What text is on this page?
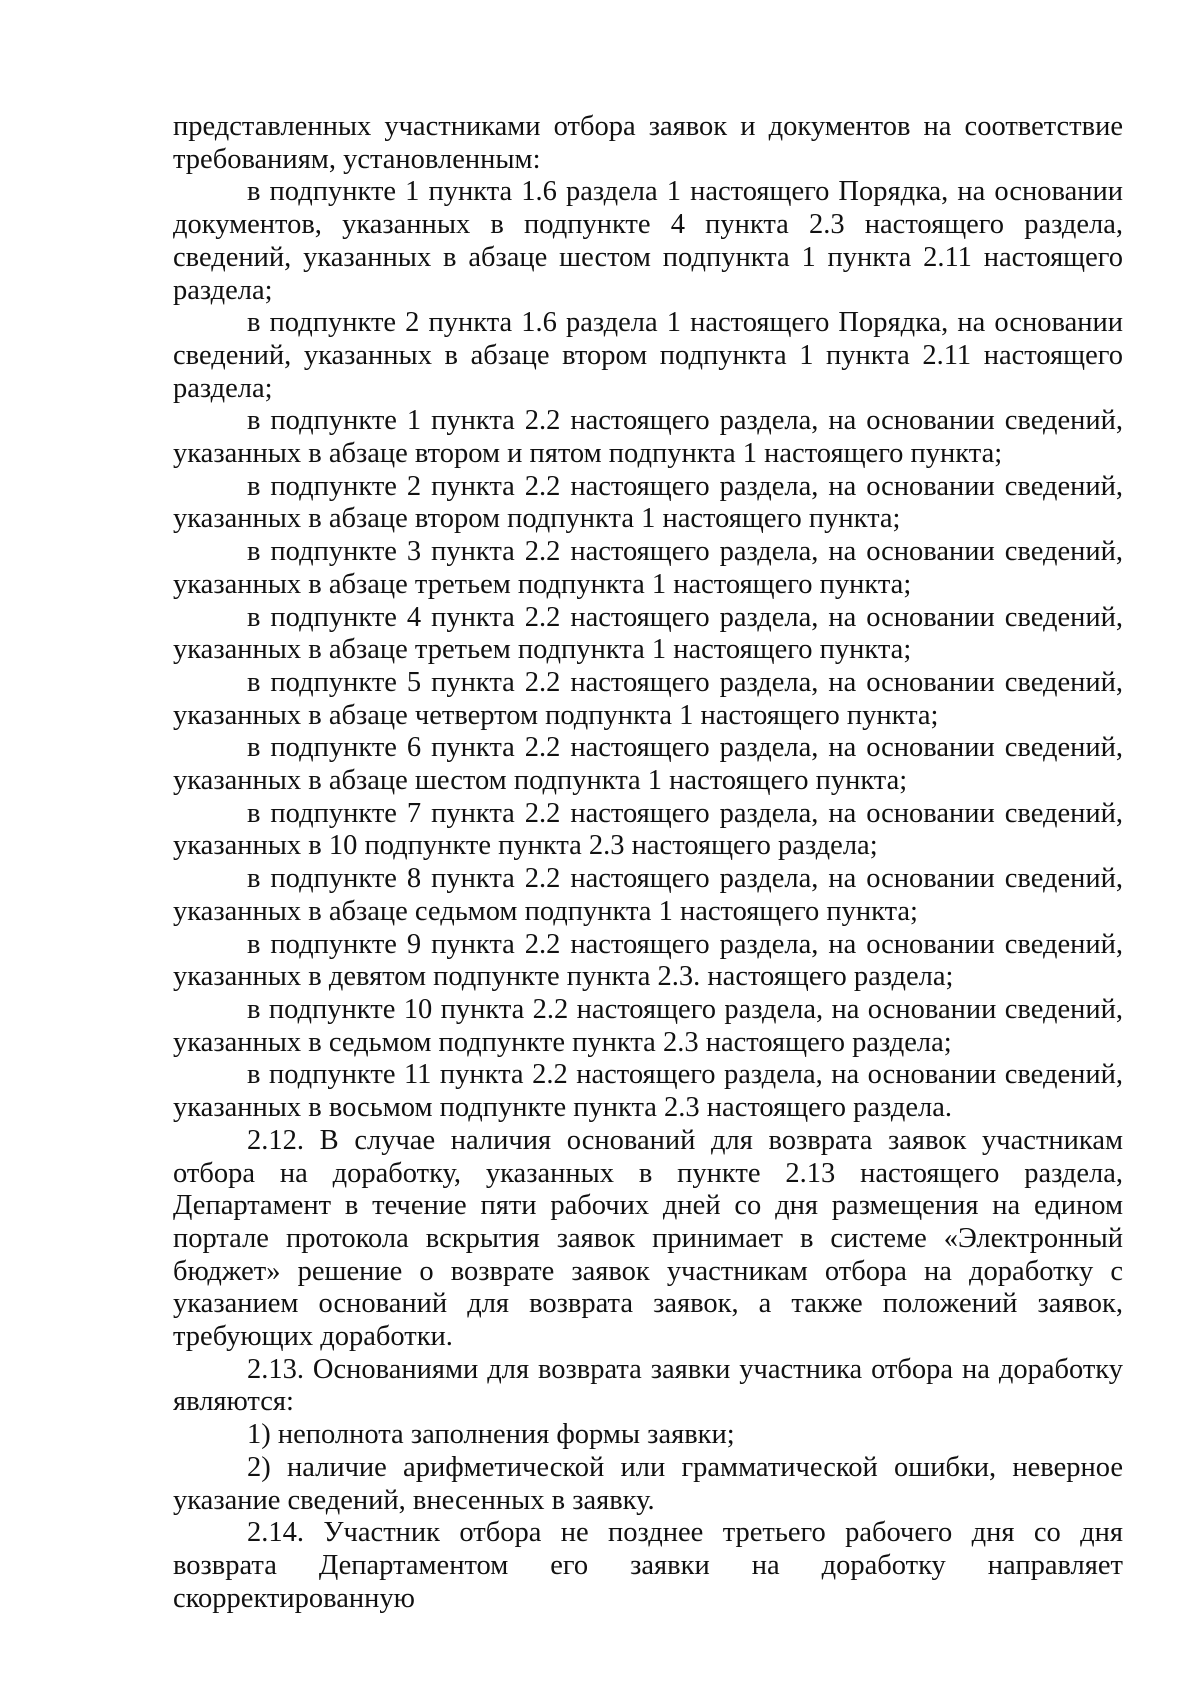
представленных участниками отбора заявок и документов на соответствие требованиям, установленным:

в подпункте 1 пункта 1.6 раздела 1 настоящего Порядка, на основании документов, указанных в подпункте 4 пункта 2.3 настоящего раздела, сведений, указанных в абзаце шестом подпункта 1 пункта 2.11 настоящего раздела;

в подпункте 2 пункта 1.6 раздела 1 настоящего Порядка, на основании сведений, указанных в абзаце втором подпункта 1 пункта 2.11 настоящего раздела;

в подпункте 1 пункта 2.2 настоящего раздела, на основании сведений, указанных в абзаце втором и пятом подпункта 1 настоящего пункта;

в подпункте 2 пункта 2.2 настоящего раздела, на основании сведений, указанных в абзаце втором подпункта 1 настоящего пункта;

в подпункте 3 пункта 2.2 настоящего раздела, на основании сведений, указанных в абзаце третьем подпункта 1 настоящего пункта;

в подпункте 4 пункта 2.2 настоящего раздела, на основании сведений, указанных в абзаце третьем подпункта 1 настоящего пункта;

в подпункте 5 пункта 2.2 настоящего раздела, на основании сведений, указанных в абзаце четвертом подпункта 1 настоящего пункта;

в подпункте 6 пункта 2.2 настоящего раздела, на основании сведений, указанных в абзаце шестом подпункта 1 настоящего пункта;

в подпункте 7 пункта 2.2 настоящего раздела, на основании сведений, указанных в 10 подпункте пункта 2.3 настоящего раздела;

в подпункте 8 пункта 2.2 настоящего раздела, на основании сведений, указанных в абзаце седьмом подпункта 1 настоящего пункта;

в подпункте 9 пункта 2.2 настоящего раздела, на основании сведений, указанных в девятом подпункте пункта 2.3. настоящего раздела;

в подпункте 10 пункта 2.2 настоящего раздела, на основании сведений, указанных в седьмом подпункте пункта 2.3 настоящего раздела;

в подпункте 11 пункта 2.2 настоящего раздела, на основании сведений, указанных в восьмом подпункте пункта 2.3 настоящего раздела.

2.12. В случае наличия оснований для возврата заявок участникам отбора на доработку, указанных в пункте 2.13 настоящего раздела, Департамент в течение пяти рабочих дней со дня размещения на едином портале протокола вскрытия заявок принимает в системе «Электронный бюджет» решение о возврате заявок участникам отбора на доработку с указанием оснований для возврата заявок, а также положений заявок, требующих доработки.

2.13. Основаниями для возврата заявки участника отбора на доработку являются:

1) неполнота заполнения формы заявки;

2) наличие арифметической или грамматической ошибки, неверное указание сведений, внесенных в заявку.

2.14. Участник отбора не позднее третьего рабочего дня со дня возврата Департаментом его заявки на доработку направляет скорректированную
